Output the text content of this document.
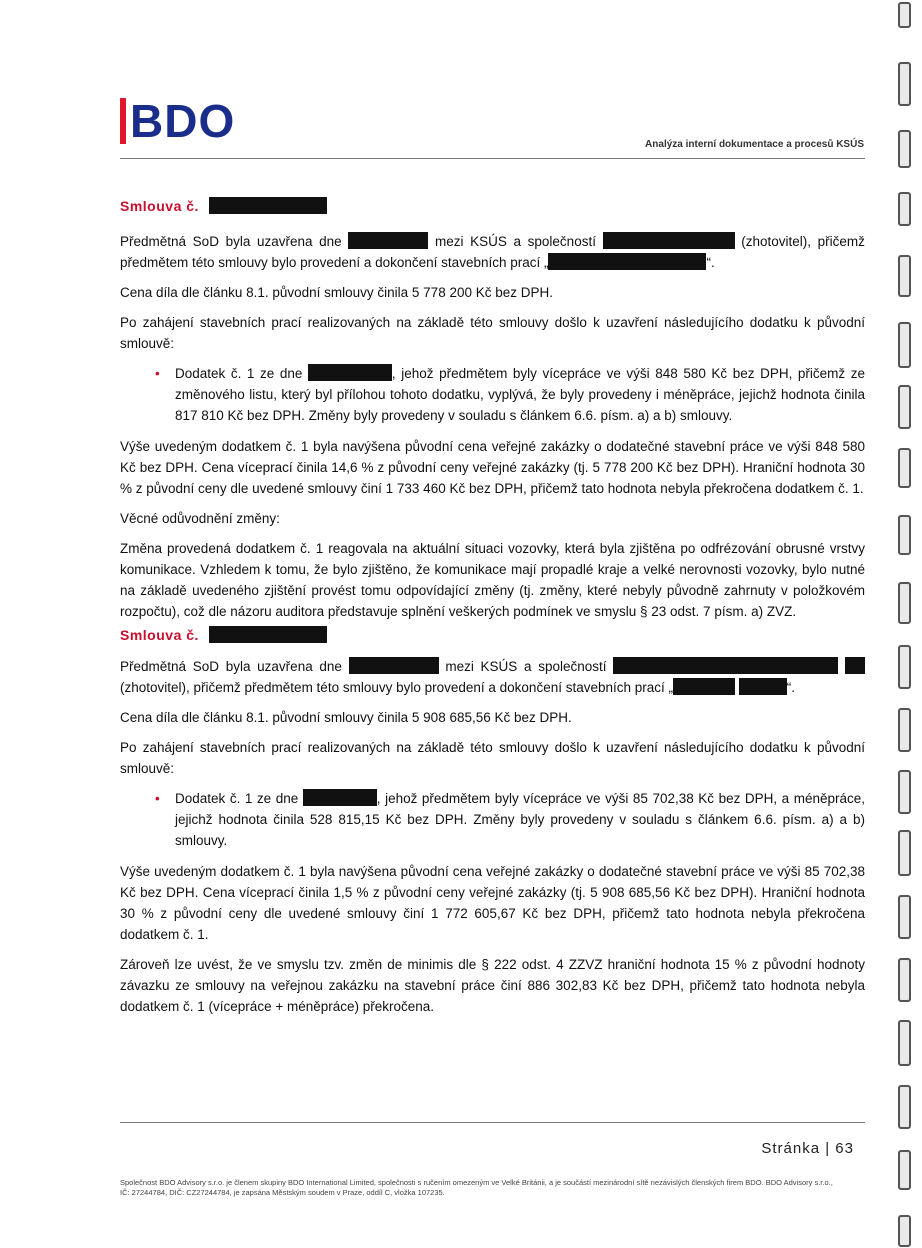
BDO	Analýza interní dokumentace a procesů KSÚS
Smlouva č.

Předmětná SoD byla uzavřena dne	mezi KSÚS a společností	(zhotovitel), přičemž předmětem této smlouvy bylo provedení a dokončení stavebních prací „	“.

Cena díla dle článku 8.1. původní smlouvy činila 5 778 200 Kč bez DPH.

Po zahájení stavebních prací realizovaných na základě této smlouvy došlo k uzavření následujícího dodatku k původní smlouvě:

• Dodatek č. 1 ze dne	, jehož předmětem byly vícepráce ve výši 848 580 Kč bez DPH, přičemž ze změnového listu, který byl přílohou tohoto dodatku, vyplývá, že byly provedeny i méněpráce, jejichž hodnota činila 817 810 Kč bez DPH. Změny byly provedeny v souladu s článkem 6.6. písm. a) a b) smlouvy.

Výše uvedeným dodatkem č. 1 byla navýšena původní cena veřejné zakázky o dodatečné stavební práce ve výši 848 580 Kč bez DPH. Cena víceprací činila 14,6 % z původní ceny veřejné zakázky (tj. 5 778 200 Kč bez DPH). Hraniční hodnota 30 % z původní ceny dle uvedené smlouvy činí 1 733 460 Kč bez DPH, přičemž tato hodnota nebyla překročena dodatkem č. 1.

Věcné odůvodnění změny:

Změna provedená dodatkem č. 1 reagovala na aktuální situaci vozovky, která byla zjištěna po odfrézování obrusné vrstvy komunikace. Vzhledem k tomu, že bylo zjištěno, že komunikace mají propadlé kraje a velké nerovnosti vozovky, bylo nutné na základě uvedeného zjištění provést tomu odpovídající změny (tj. změny, které nebyly původně zahrnuty v položkovém rozpočtu), což dle názoru auditora představuje splnění veškerých podmínek ve smyslu § 23 odst. 7 písm. a) ZVZ.

Smlouva č.

Předmětná SoD byla uzavřena dne	mezi KSÚS a společností   (zhotovitel), přičemž předmětem této smlouvy bylo provedení a dokončení stavebních prací „	“.

Cena díla dle článku 8.1. původní smlouvy činila 5 908 685,56 Kč bez DPH.

Po zahájení stavebních prací realizovaných na základě této smlouvy došlo k uzavření následujícího dodatku k původní smlouvě:

• Dodatek č. 1 ze dne	, jehož předmětem byly vícepráce ve výši 85 702,38 Kč bez DPH, a méněpráce, jejichž hodnota činila 528 815,15 Kč bez DPH. Změny byly provedeny v souladu s článkem 6.6. písm. a) a b) smlouvy.

Výše uvedeným dodatkem č. 1 byla navýšena původní cena veřejné zakázky o dodatečné stavební práce ve výši 85 702,38 Kč bez DPH. Cena víceprací činila 1,5 % z původní ceny veřejné zakázky (tj. 5 908 685,56 Kč bez DPH). Hraniční hodnota 30 % z původní ceny dle uvedené smlouvy činí 1 772 605,67 Kč bez DPH, přičemž tato hodnota nebyla překročena dodatkem č. 1.

Zároveň lze uvést, že ve smyslu tzv. změn de minimis dle § 222 odst. 4 ZZVZ hraniční hodnota 15 % z původní hodnoty závazku ze smlouvy na veřejnou zakázku na stavební práce činí 886 302,83 Kč bez DPH, přičemž tato hodnota nebyla dodatkem č. 1 (vícepráce + méněpráce) překročena.

Stránka | 63
Společnost BDO Advisory s.r.o. je členem skupiny BDO International Limited, společnosti s ručením omezeným ve Velké Británii, a je součástí mezinárodní sítě nezávislých členských firem BDO. BDO Advisory s.r.o., IČ: 27244784, DIČ: CZ27244784, je zapsána Městským soudem v Praze, oddíl C, vložka 107235.
